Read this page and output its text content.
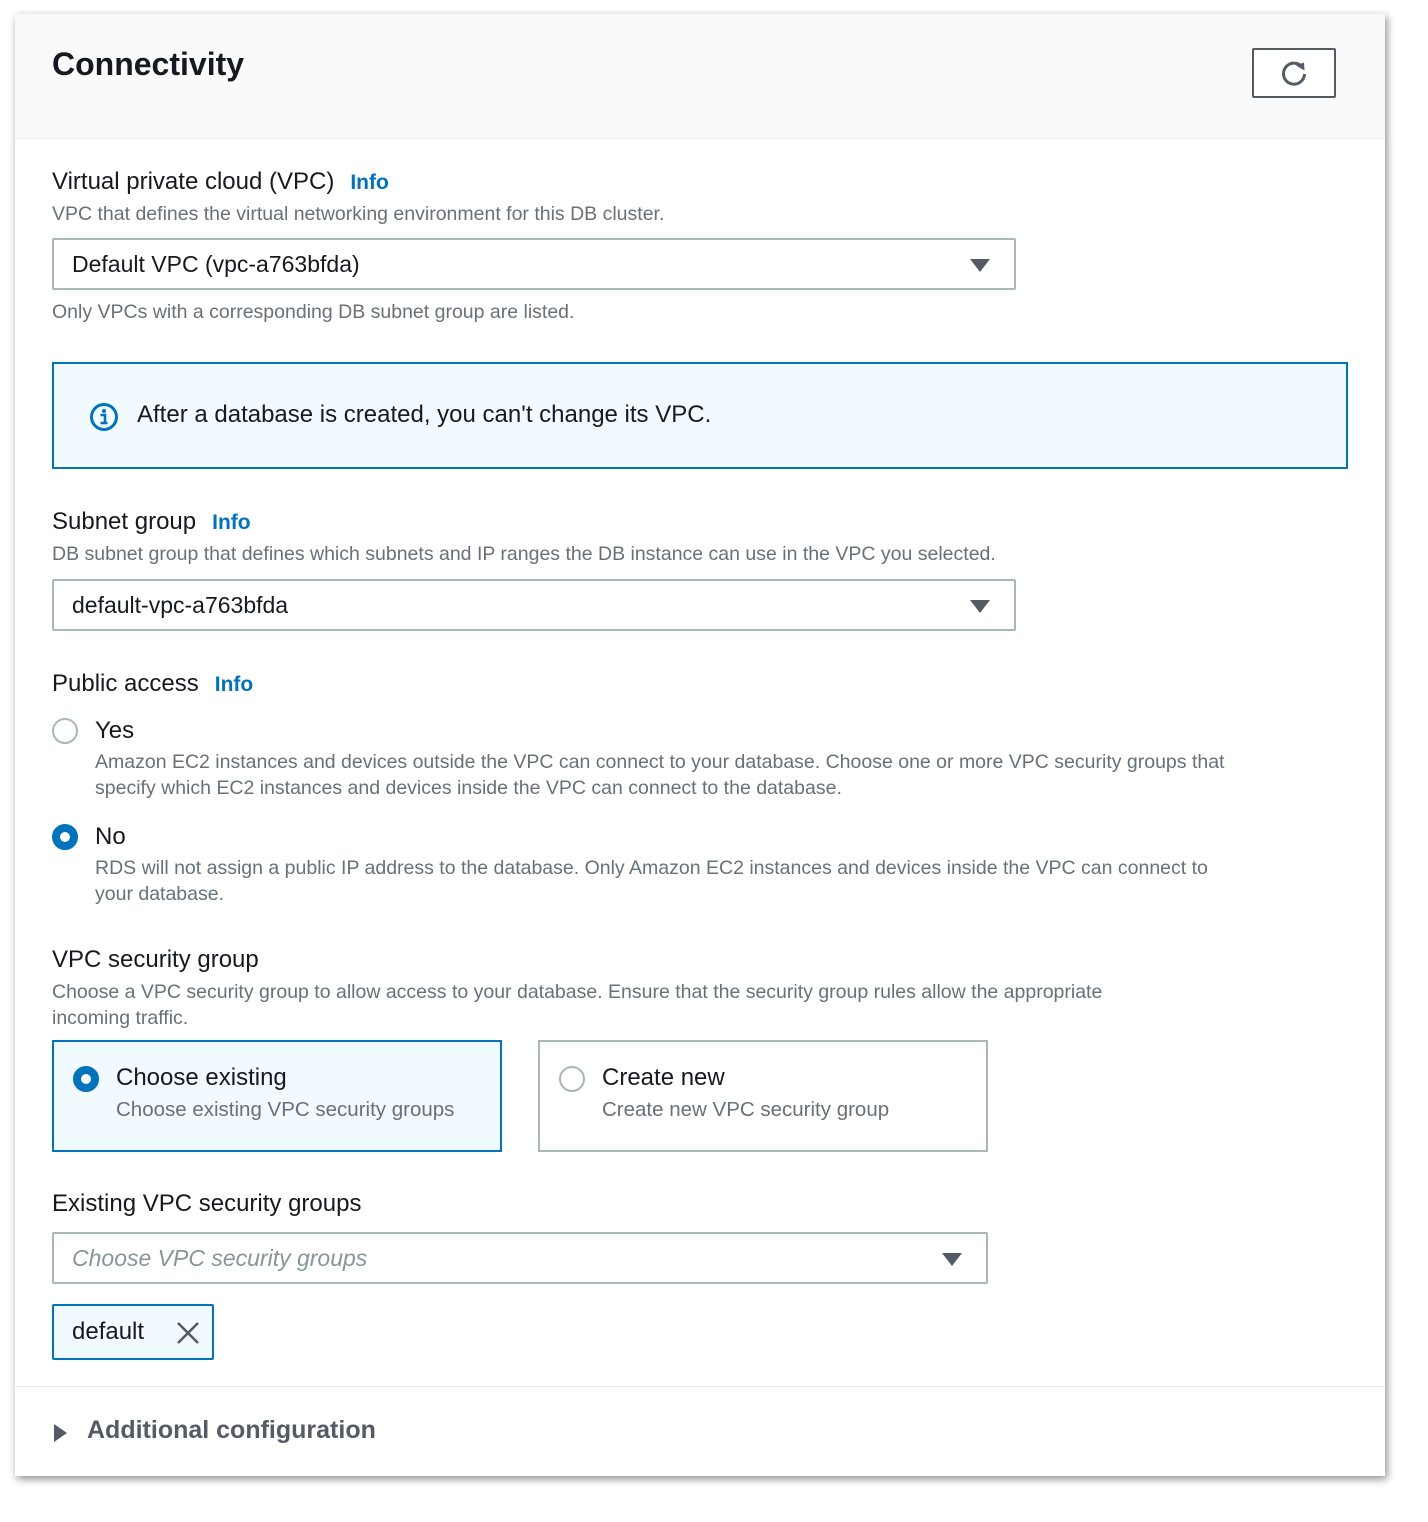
Connectivity
Virtual private cloud (VPC) Info
VPC that defines the virtual networking environment for this DB cluster.
Default VPC (vpc-a763bfda)
Only VPCs with a corresponding DB subnet group are listed.
After a database is created, you can't change its VPC.
Subnet group Info
DB subnet group that defines which subnets and IP ranges the DB instance can use in the VPC you selected.
default-vpc-a763bfda
Public access Info
Yes
Amazon EC2 instances and devices outside the VPC can connect to your database. Choose one or more VPC security groups that
specify which EC2 instances and devices inside the VPC can connect to the database.
No
RDS will not assign a public IP address to the database. Only Amazon EC2 instances and devices inside the VPC can connect to
your database.
VPC security group
Choose a VPC security group to allow access to your database. Ensure that the security group rules allow the appropriate
incoming traffic.
Choose existing
Choose existing VPC security groups
Create new
Create new VPC security group
Existing VPC security groups
Choose VPC security groups
default
Additional configuration
